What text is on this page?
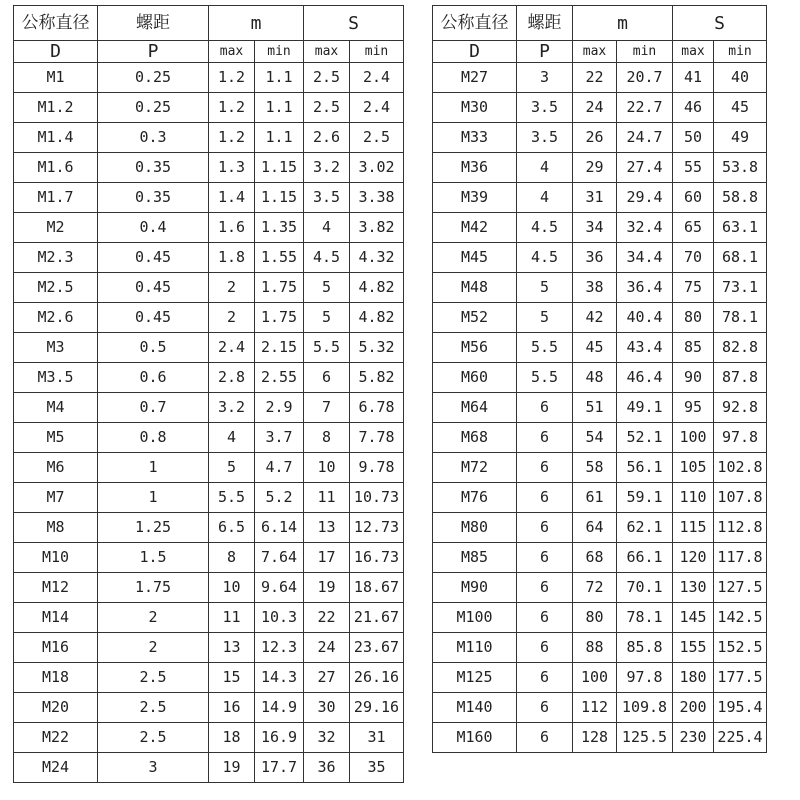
公称直径	螺距	m		S	

D	P	max	min	max	min
M1	0.25	1.2	1.1	2.5	2.4
M1.2	0.25	1.2	1.1	2.5	2.4
M1.4	0.3	1.2	1.1	2.6	2.5
M1.6	0.35	1.3	1.15	3.2	3.02
M1.7	0.35	1.4	1.15	3.5	3.38
M2	0.4	1.6	1.35	4	3.82
M2.3	0.45	1.8	1.55	4.5	4.32
M2.5	0.45	2	1.75	5	4.82
M2.6	0.45	2	1.75	5	4.82
M3	0.5	2.4	2.15	5.5	5.32
M3.5	0.6	2.8	2.55	6	5.82
M4	0.7	3.2	2.9	7	6.78
M5	0.8	4	3.7	8	7.78
M6	1	5	4.7	10	9.78
M7	1	5.5	5.2	11	10.73
M8	1.25	6.5	6.14	13	12.73
M10	1.5	8	7.64	17	16.73
M12	1.75	10	9.64	19	18.67
M14	2	11	10.3	22	21.67
M16	2	13	12.3	24	23.67
M18	2.5	15	14.3	27	26.16
M20	2.5	16	14.9	30	29.16
M22	2.5	18	16.9	32	31
M24	3	19	17.7	36	35
公称直径	螺距	m		S	

D	P	max	min	max	min
M27	3	22	20.7	41	40
M30	3.5	24	22.7	46	45
M33	3.5	26	24.7	50	49
M36	4	29	27.4	55	53.8
M39	4	31	29.4	60	58.8
M42	4.5	34	32.4	65	63.1
M45	4.5	36	34.4	70	68.1
M48	5	38	36.4	75	73.1
M52	5	42	40.4	80	78.1
M56	5.5	45	43.4	85	82.8
M60	5.5	48	46.4	90	87.8
M64	6	51	49.1	95	92.8
M68	6	54	52.1	100	97.8
M72	6	58	56.1	105	102.8
M76	6	61	59.1	110	107.8
M80	6	64	62.1	115	112.8
M85	6	68	66.1	120	117.8
M90	6	72	70.1	130	127.5
M100	6	80	78.1	145	142.5
M110	6	88	85.8	155	152.5
M125	6	100	97.8	180	177.5
M140	6	112	109.8	200	195.4
M160	6	128	125.5	230	225.4
